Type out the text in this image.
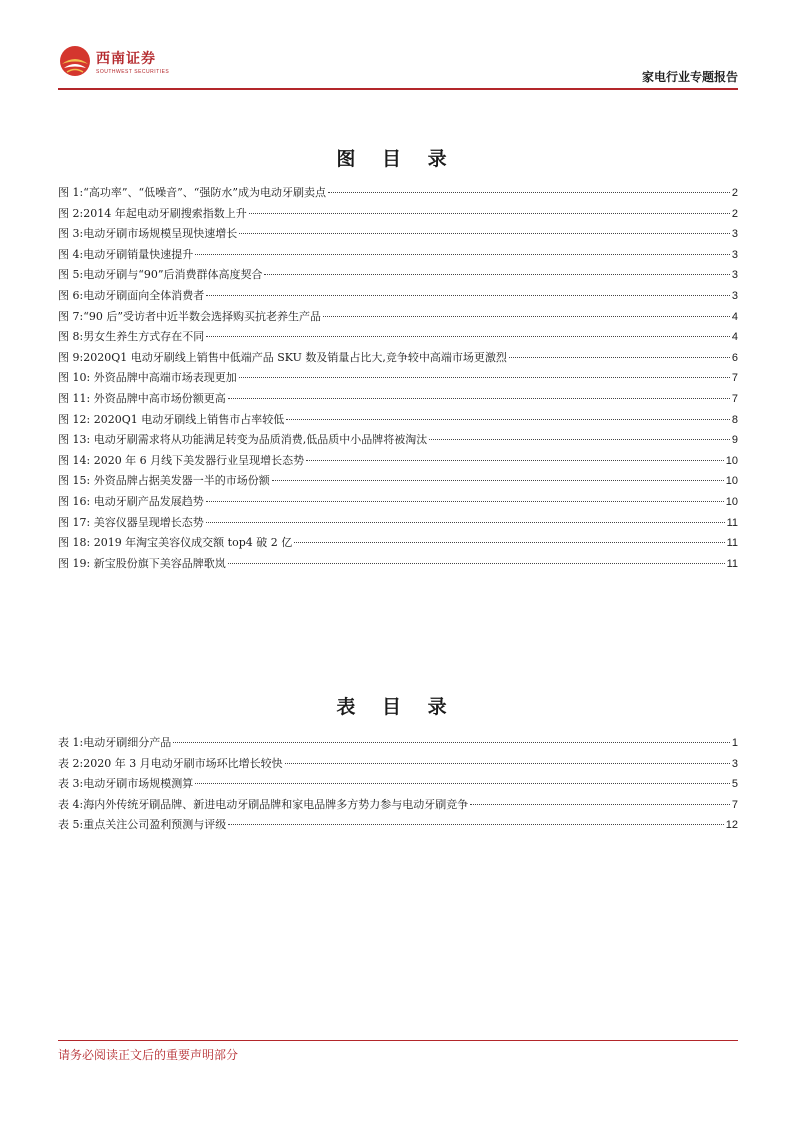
西南证券
SOUTHWEST SECURITIES	家电行业专题报告
图 目 录
图 1:“高功率”、“低噪音”、“强防水”成为电动牙刷卖点	2
图 2:2014 年起电动牙刷搜索指数上升	2
图 3:电动牙刷市场规模呈现快速增长	3
图 4:电动牙刷销量快速提升	3
图 5:电动牙刷与“90”后消费群体高度契合	3
图 6:电动牙刷面向全体消费者	3
图 7:“90 后”受访者中近半数会选择购买抗老养生产品	4
图 8:男女生养生方式存在不同	4
图 9:2020Q1 电动牙刷线上销售中低端产品 SKU 数及销量占比大,竞争较中高端市场更激烈	6
图 10: 外资品牌中高端市场表现更加	7
图 11: 外资品牌中高市场份额更高	7
图 12: 2020Q1 电动牙刷线上销售市占率较低	8
图 13: 电动牙刷需求将从功能满足转变为品质消费,低品质中小品牌将被淘汰	9
图 14: 2020 年 6 月线下美发器行业呈现增长态势	10
图 15: 外资品牌占据美发器一半的市场份额	10
图 16: 电动牙刷产品发展趋势	10
图 17: 美容仪器呈现增长态势	11
图 18: 2019 年淘宝美容仪成交额 top4 破 2 亿	11
图 19: 新宝股份旗下美容品牌歌岚	11
表 目 录
表 1:电动牙刷细分产品	1
表 2:2020 年 3 月电动牙刷市场环比增长较快	3
表 3:电动牙刷市场规模测算	5
表 4:海内外传统牙刷品牌、新进电动牙刷品牌和家电品牌多方势力参与电动牙刷竞争	7
表 5:重点关注公司盈利预测与评级	12
请务必阅读正文后的重要声明部分
